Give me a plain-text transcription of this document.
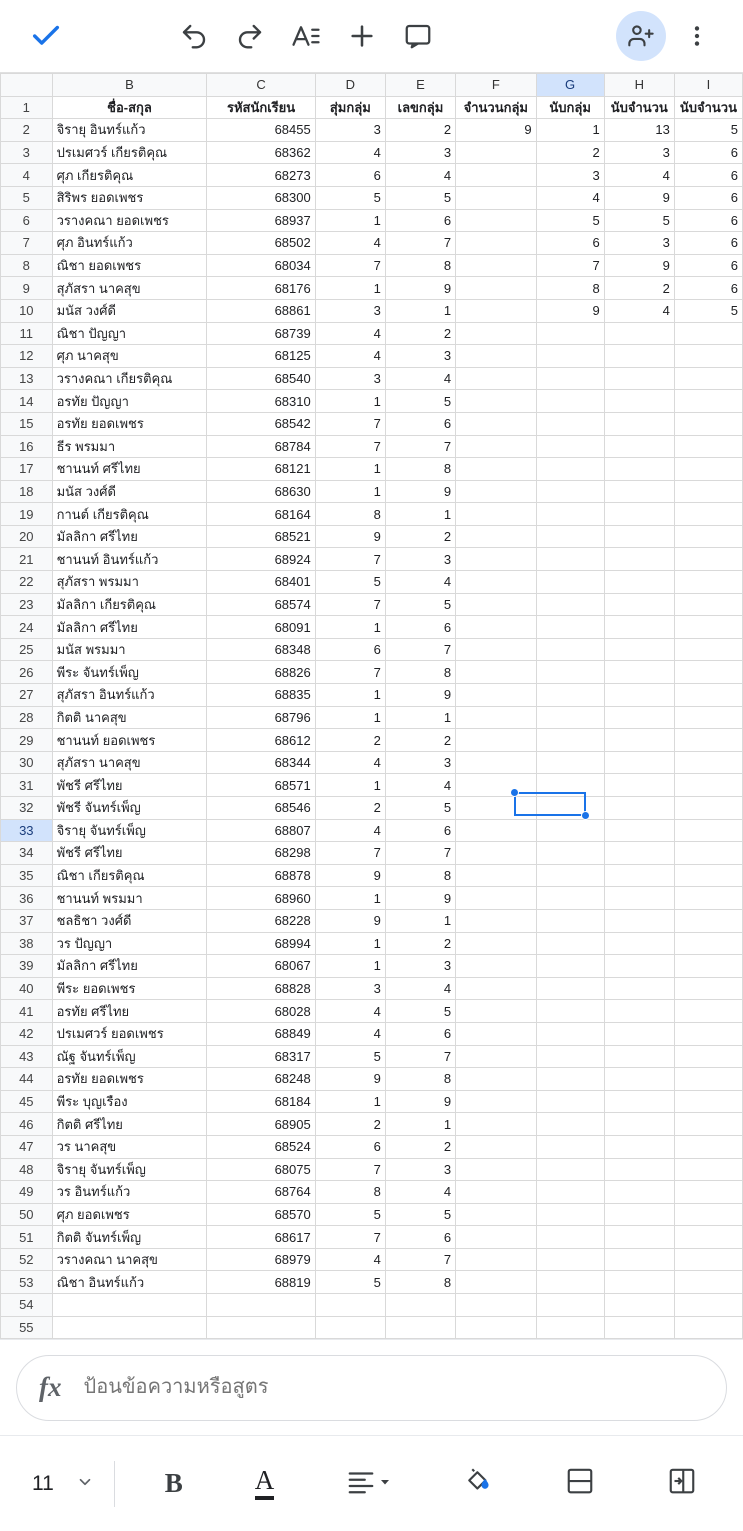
	B	C	D	E	F	G	H	I
1	ชื่อ-สกุล	รหัสนักเรียน	สุ่มกลุ่ม	เลขกลุ่ม	จำนวนกลุ่ม	นับกลุ่ม	นับจำนวน	นับจำนวน
2	จิรายุ อินทร์แก้ว	68455	3	2	9	1	13	5
3	ปรเมศวร์ เกียรติคุณ	68362	4	3		2	3	6
4	ศุภ เกียรติคุณ	68273	6	4		3	4	6
5	สิริพร ยอดเพชร	68300	5	5		4	9	6
6	วรางคณา ยอดเพชร	68937	1	6		5	5	6
7	ศุภ อินทร์แก้ว	68502	4	7		6	3	6
8	ณิชา ยอดเพชร	68034	7	8		7	9	6
9	สุภัสรา นาคสุข	68176	1	9		8	2	6
10	มนัส วงศ์ดี	68861	3	1		9	4	5
11	ณิชา ปัญญา	68739	4	2				
12	ศุภ นาคสุข	68125	4	3				
13	วรางคณา เกียรติคุณ	68540	3	4				
14	อรทัย ปัญญา	68310	1	5				
15	อรทัย ยอดเพชร	68542	7	6				
16	ธีร พรมมา	68784	7	7				
17	ชานนท์ ศรีไทย	68121	1	8				
18	มนัส วงศ์ดี	68630	1	9				
19	กานต์ เกียรติคุณ	68164	8	1				
20	มัลลิกา ศรีไทย	68521	9	2				
21	ชานนท์ อินทร์แก้ว	68924	7	3				
22	สุภัสรา พรมมา	68401	5	4				
23	มัลลิกา เกียรติคุณ	68574	7	5				
24	มัลลิกา ศรีไทย	68091	1	6				
25	มนัส พรมมา	68348	6	7				
26	พีระ จันทร์เพ็ญ	68826	7	8				
27	สุภัสรา อินทร์แก้ว	68835	1	9				
28	กิตติ นาคสุข	68796	1	1				
29	ชานนท์ ยอดเพชร	68612	2	2				
30	สุภัสรา นาคสุข	68344	4	3				
31	พัชรี ศรีไทย	68571	1	4				
32	พัชรี จันทร์เพ็ญ	68546	2	5				
33	จิรายุ จันทร์เพ็ญ	68807	4	6				
34	พัชรี ศรีไทย	68298	7	7				
35	ณิชา เกียรติคุณ	68878	9	8				
36	ชานนท์ พรมมา	68960	1	9				
37	ชลธิชา วงศ์ดี	68228	9	1				
38	วร ปัญญา	68994	1	2				
39	มัลลิกา ศรีไทย	68067	1	3				
40	พีระ ยอดเพชร	68828	3	4				
41	อรทัย ศรีไทย	68028	4	5				
42	ปรเมศวร์ ยอดเพชร	68849	4	6				
43	ณัฐ จันทร์เพ็ญ	68317	5	7				
44	อรทัย ยอดเพชร	68248	9	8				
45	พีระ บุญเรือง	68184	1	9				
46	กิตติ ศรีไทย	68905	2	1				
47	วร นาคสุข	68524	6	2				
48	จิรายุ จันทร์เพ็ญ	68075	7	3				
49	วร อินทร์แก้ว	68764	8	4				
50	ศุภ ยอดเพชร	68570	5	5				
51	กิตติ จันทร์เพ็ญ	68617	7	6				
52	วรางคณา นาคสุข	68979	4	7				
53	ณิชา อินทร์แก้ว	68819	5	8				
54								
55								
fx
ป้อนข้อความหรือสูตร
11	B	A
